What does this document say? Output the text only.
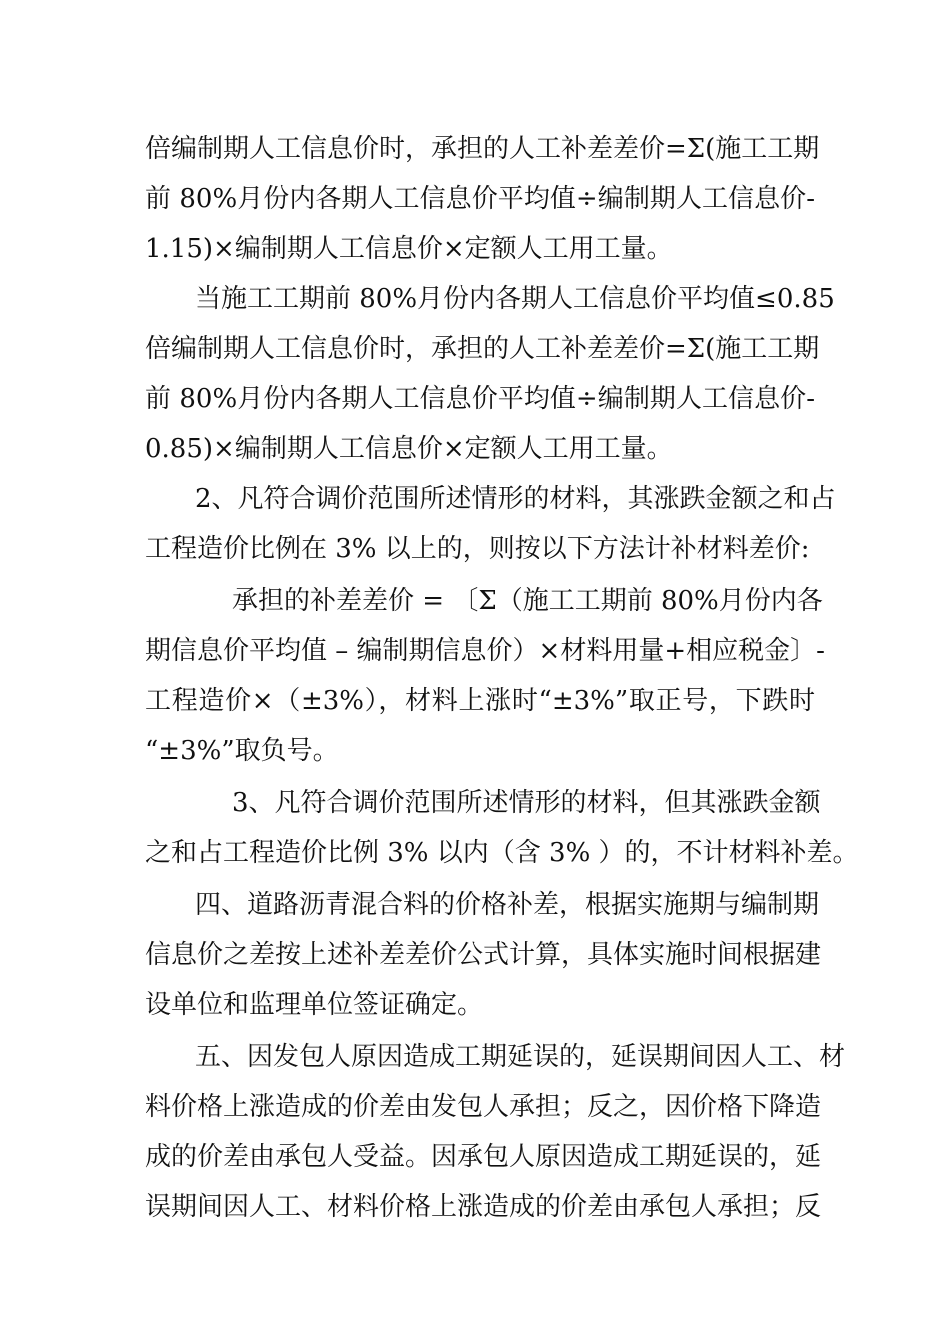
倍编制期人工信息价时，承担的人工补差差价=Σ(施工工期
前 80%月份内各期人工信息价平均值÷编制期人工信息价-
1.15)×编制期人工信息价×定额人工用工量。
当施工工期前 80%月份内各期人工信息价平均值≤0.85
倍编制期人工信息价时，承担的人工补差差价=Σ(施工工期
前 80%月份内各期人工信息价平均值÷编制期人工信息价-
0.85)×编制期人工信息价×定额人工用工量。
2、凡符合调价范围所述情形的材料，其涨跌金额之和占
工程造价比例在 3% 以上的，则按以下方法计补材料差价:
承担的补差差价 = 〔Σ（施工工期前 80%月份内各
期信息价平均值 – 编制期信息价）×材料用量+相应税金〕-
工程造价×（±3%），材料上涨时“±3%”取正号，下跌时
“±3%”取负号。
3、凡符合调价范围所述情形的材料，但其涨跌金额
之和占工程造价比例 3% 以内（含 3% ）的，不计材料补差。
四、道路沥青混合料的价格补差，根据实施期与编制期
信息价之差按上述补差差价公式计算，具体实施时间根据建
设单位和监理单位签证确定。
五、因发包人原因造成工期延误的，延误期间因人工、材
料价格上涨造成的价差由发包人承担；反之，因价格下降造
成的价差由承包人受益。因承包人原因造成工期延误的，延
误期间因人工、材料价格上涨造成的价差由承包人承担；反
